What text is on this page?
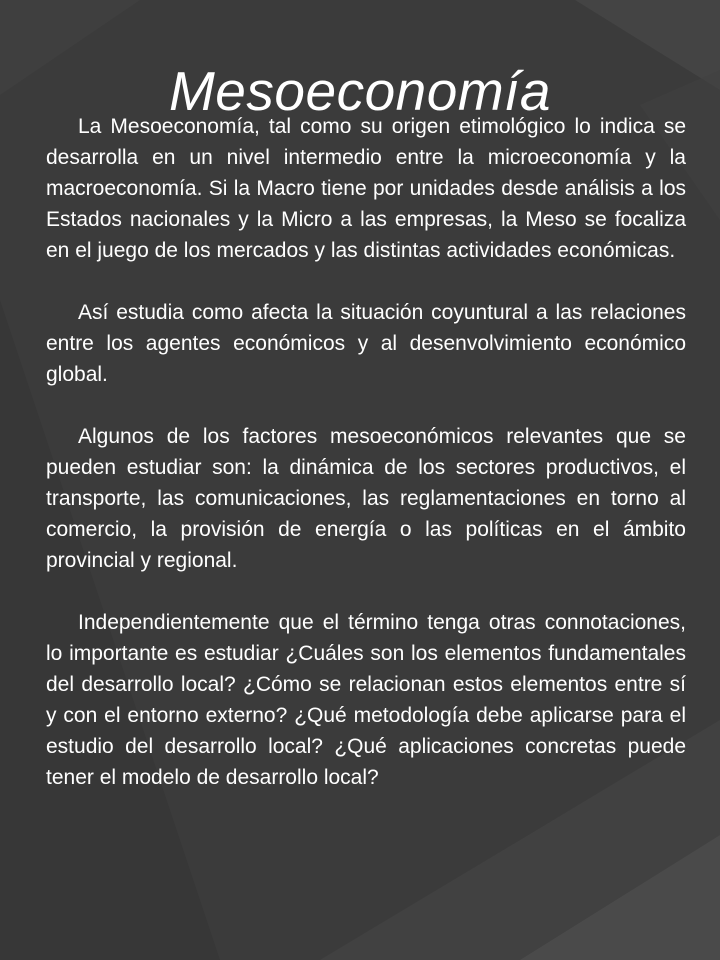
Mesoeconomía

La Mesoeconomía, tal como su origen etimológico lo indica se desarrolla en un nivel intermedio entre la microeconomía y la macroeconomía. Si la Macro tiene por unidades desde análisis a los Estados nacionales y la Micro a las empresas, la Meso se focaliza en el juego de los mercados y las distintas actividades económicas.

Así estudia como afecta la situación coyuntural a las relaciones entre los agentes económicos y al desenvolvimiento económico global.

Algunos de los factores mesoeconómicos relevantes que se pueden estudiar son: la dinámica de los sectores productivos, el transporte, las comunicaciones, las reglamentaciones en torno al comercio, la provisión de energía o las políticas en el ámbito provincial y regional.

Independientemente que el término tenga otras connotaciones, lo importante es estudiar ¿Cuáles son los elementos fundamentales del desarrollo local? ¿Cómo se relacionan estos elementos entre sí y con el entorno externo? ¿Qué metodología debe aplicarse para el estudio del desarrollo local? ¿Qué aplicaciones concretas puede tener el modelo de desarrollo local?
